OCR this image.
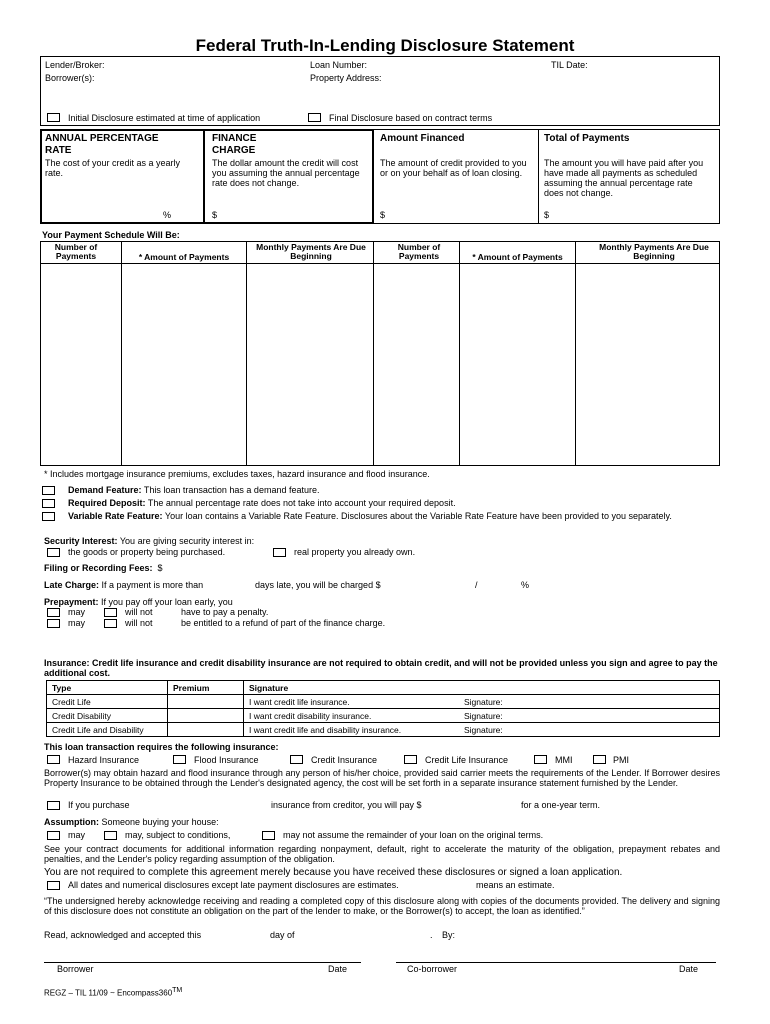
Federal Truth-In-Lending Disclosure Statement
Lender/Broker:	Loan Number:	TIL Date:
Borrower(s):	Property Address:
Initial Disclosure estimated at time of application	Final Disclosure based on contract terms
ANNUAL PERCENTAGE RATE
The cost of your credit as a yearly rate.
%
FINANCE CHARGE
The dollar amount the credit will cost you assuming the annual percentage rate does not change.
$
Amount Financed
The amount of credit provided to you or on your behalf as of loan closing.
$
Total of Payments
The amount you will have paid after you have made all payments as scheduled assuming the annual percentage rate does not change.
$
Your Payment Schedule Will Be:
Number of Payments	* Amount of Payments
Monthly Payments Are Due Beginning
Number of Payments	* Amount of Payments
Monthly Payments Are Due Beginning
* Includes mortgage insurance premiums, excludes taxes, hazard insurance and flood insurance.
Demand Feature: This loan transaction has a demand feature.
Required Deposit: The annual percentage rate does not take into account your required deposit.
Variable Rate Feature: Your loan contains a Variable Rate Feature. Disclosures about the Variable Rate Feature have been provided to you separately.
Security Interest: You are giving security interest in:
the goods or property being purchased.	real property you already own.
Filing or Recording Fees: $
Late Charge: If a payment is more than	days late, you will be charged $	/	%
Prepayment: If you pay off your loan early, you
may	will not	have to pay a penalty.
may	will not	be entitled to a refund of part of the finance charge.
Insurance: Credit life insurance and credit disability insurance are not required to obtain credit, and will not be provided unless you sign and agree to pay the additional cost.
Type	Premium	Signature	
Credit Life		I want credit life insurance.	Signature:
Credit Disability		I want credit disability insurance.	Signature:
Credit Life and Disability		I want credit life and disability insurance.	Signature:
This loan transaction requires the following insurance:
Hazard Insurance	Flood Insurance	Credit Insurance	Credit Life Insurance	MMI	PMI
Borrower(s) may obtain hazard and flood insurance through any person of his/her choice, provided said carrier meets the requirements of the Lender. If Borrower desires Property Insurance to be obtained through the Lender's designated agency, the cost will be set forth in a separate insurance statement furnished by the Lender.
If you purchase	insurance from creditor, you will pay $	for a one-year term.
Assumption: Someone buying your house:
may	may, subject to conditions,	may not assume the remainder of your loan on the original terms.
See your contract documents for additional information regarding nonpayment, default, right to accelerate the maturity of the obligation, prepayment rebates and penalties, and the Lender's policy regarding assumption of the obligation.
You are not required to complete this agreement merely because you have received these disclosures or signed a loan application.
All dates and numerical disclosures except late payment disclosures are estimates.	means an estimate.
“The undersigned hereby acknowledge receiving and reading a completed copy of this disclosure along with copies of the documents provided. The delivery and signing of this disclosure does not constitute an obligation on the part of the lender to make, or the Borrower(s) to accept, the loan as identified.”
Read, acknowledged and accepted this	day of	. By:
Borrower	Date	Co-borrower	Date
REGZ – TIL 11/09 ~ Encompass360™
